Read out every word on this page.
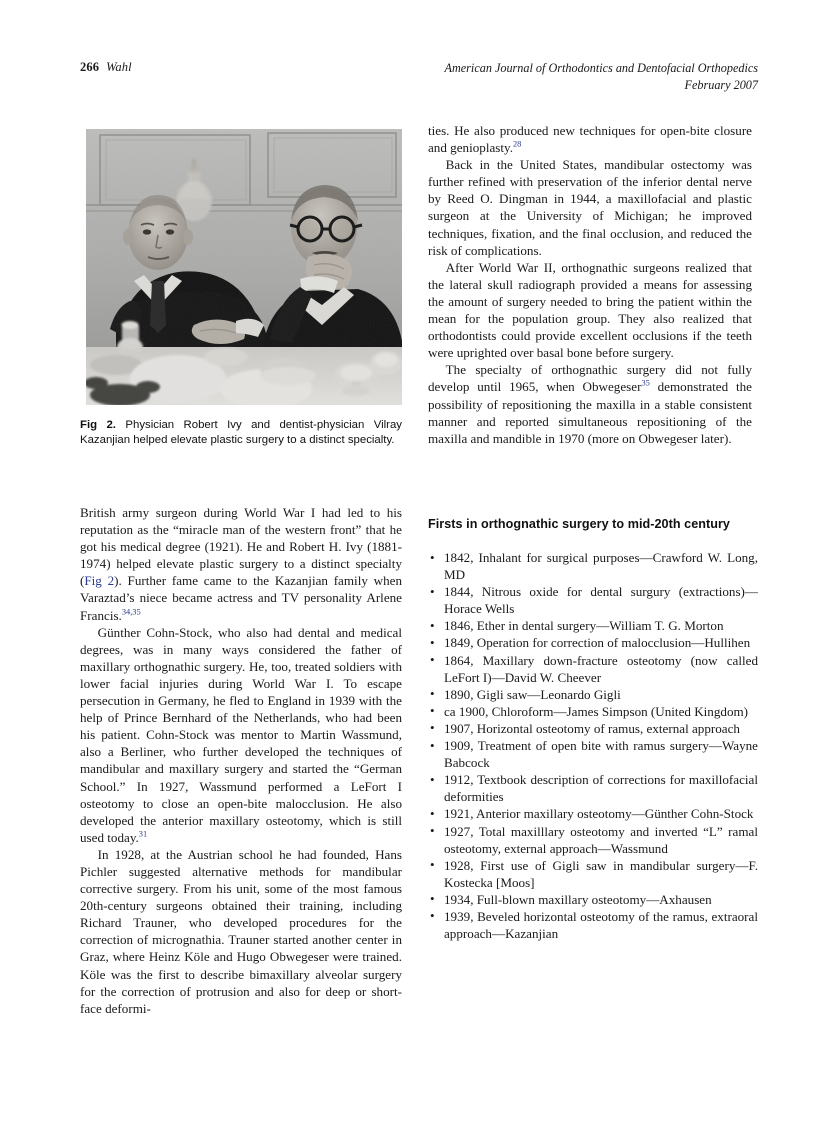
266 Wahl	American Journal of Orthodontics and Dentofacial Orthopedics
February 2007
Fig 2. Physician Robert Ivy and dentist-physician Vilray Kazanjian helped elevate plastic surgery to a distinct specialty.

British army surgeon during World War I had led to his reputation as the “miracle man of the western front” that he got his medical degree (1921). He and Robert H. Ivy (1881-1974) helped elevate plastic surgery to a distinct specialty (Fig 2). Further fame came to the Kazanjian family when Varaztad’s niece became actress and TV personality Arlene Francis.$^{34,35}$

Günther Cohn-Stock, who also had dental and medical degrees, was in many ways considered the father of maxillary orthognathic surgery. He, too, treated soldiers with lower facial injuries during World War I. To escape persecution in Germany, he fled to England in 1939 with the help of Prince Bernhard of the Netherlands, who had been his patient. Cohn-Stock was mentor to Martin Wassmund, also a Berliner, who further developed the techniques of mandibular and maxillary surgery and started the “German School.” In 1927, Wassmund performed a LeFort I osteotomy to close an open-bite malocclusion. He also developed the anterior maxillary osteotomy, which is still used today.$^{31}$

In 1928, at the Austrian school he had founded, Hans Pichler suggested alternative methods for mandibular corrective surgery. From his unit, some of the most famous 20th-century surgeons obtained their training, including Richard Trauner, who developed procedures for the correction of micrognathia. Trauner started another center in Graz, where Heinz Köle and Hugo Obwegeser were trained. Köle was the first to describe bimaxillary alveolar surgery for the correction of protrusion and also for deep or short-face deformi-

ties. He also produced new techniques for open-bite closure and genioplasty.$^{28}$

Back in the United States, mandibular ostectomy was further refined with preservation of the inferior dental nerve by Reed O. Dingman in 1944, a maxillofacial and plastic surgeon at the University of Michigan; he improved techniques, fixation, and the final occlusion, and reduced the risk of complications.

After World War II, orthognathic surgeons realized that the lateral skull radiograph provided a means for assessing the amount of surgery needed to bring the patient within the mean for the population group. They also realized that orthodontists could provide excellent occlusions if the teeth were uprighted over basal bone before surgery.

The specialty of orthognathic surgery did not fully develop until 1965, when Obwegeser$^{35}$ demonstrated the possibility of repositioning the maxilla in a stable consistent manner and reported simultaneous repositioning of the maxilla and mandible in 1970 (more on Obwegeser later).

Firsts in orthognathic surgery to mid-20th century
• 1842, Inhalant for surgical purposes—Crawford W. Long, MD
• 1844, Nitrous oxide for dental surgury (extractions)—Horace Wells
• 1846, Ether in dental surgery—William T. G. Morton
• 1849, Operation for correction of malocclusion—Hullihen
• 1864, Maxillary down-fracture osteotomy (now called LeFort I)—David W. Cheever
• 1890, Gigli saw—Leonardo Gigli
• ca 1900, Chloroform—James Simpson (United Kingdom)
• 1907, Horizontal osteotomy of ramus, external approach
• 1909, Treatment of open bite with ramus surgery—Wayne Babcock
• 1912, Textbook description of corrections for maxillofacial deformities
• 1921, Anterior maxillary osteotomy—Günther Cohn-Stock
• 1927, Total maxilllary osteotomy and inverted “L” ramal osteotomy, external approach—Wassmund
• 1928, First use of Gigli saw in mandibular surgery—F. Kostecka [Moos]
• 1934, Full-blown maxillary osteotomy—Axhausen
• 1939, Beveled horizontal osteotomy of the ramus, extraoral approach—Kazanjian
